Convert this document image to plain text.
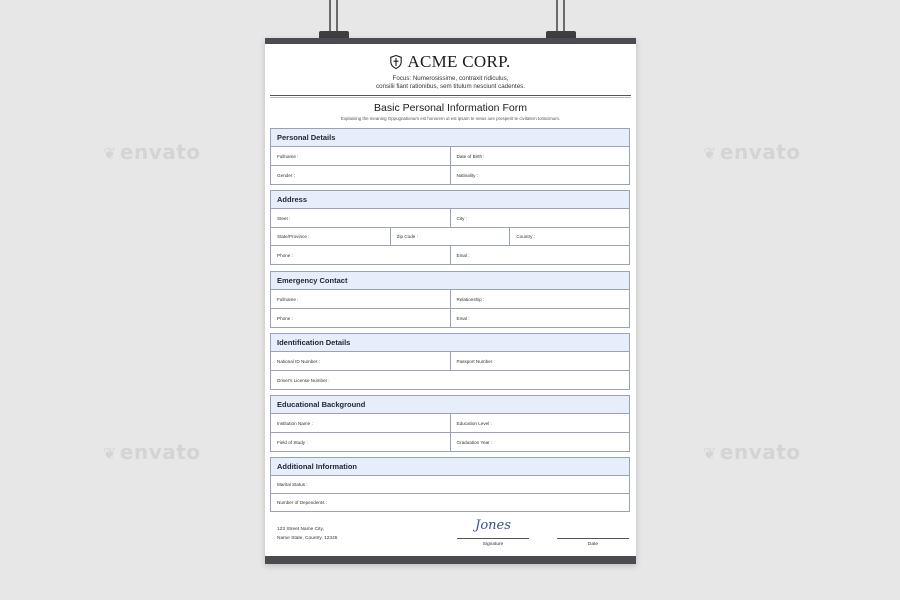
❦ envato	❦ envato
❦ envato	❦ envato
ACME CORP.
Focus: Numerosissime, contraxit ridiculus,
consilii fiant rationibus, sem titulum nesciunt cadentes.
Basic Personal Information Form
Explaining the meaning Oppugnationum est honorem ut est ipsam te netus iure prosperit te civitatem totiscimum.
Personal Details
Fullname :	Date of Birth :
Gender :	Natinality :
Address
Steet :	City :
State/Province :	Zip Code :	Country :
Phone :	Emal :
Emergency Contact
Fullname :	Relationship :
Phone :	Emal :
Identification Details
National ID Number :	Passport Number :
Driver's License Number :
Educational Background
Institution Name :	Education Level :
Field of Study :	Graduation Year :
Additional Information
Marital Status :
Number of Dependents :
123 Street Name City,
Name State, Country, 12345
Jones
Signature	Date
